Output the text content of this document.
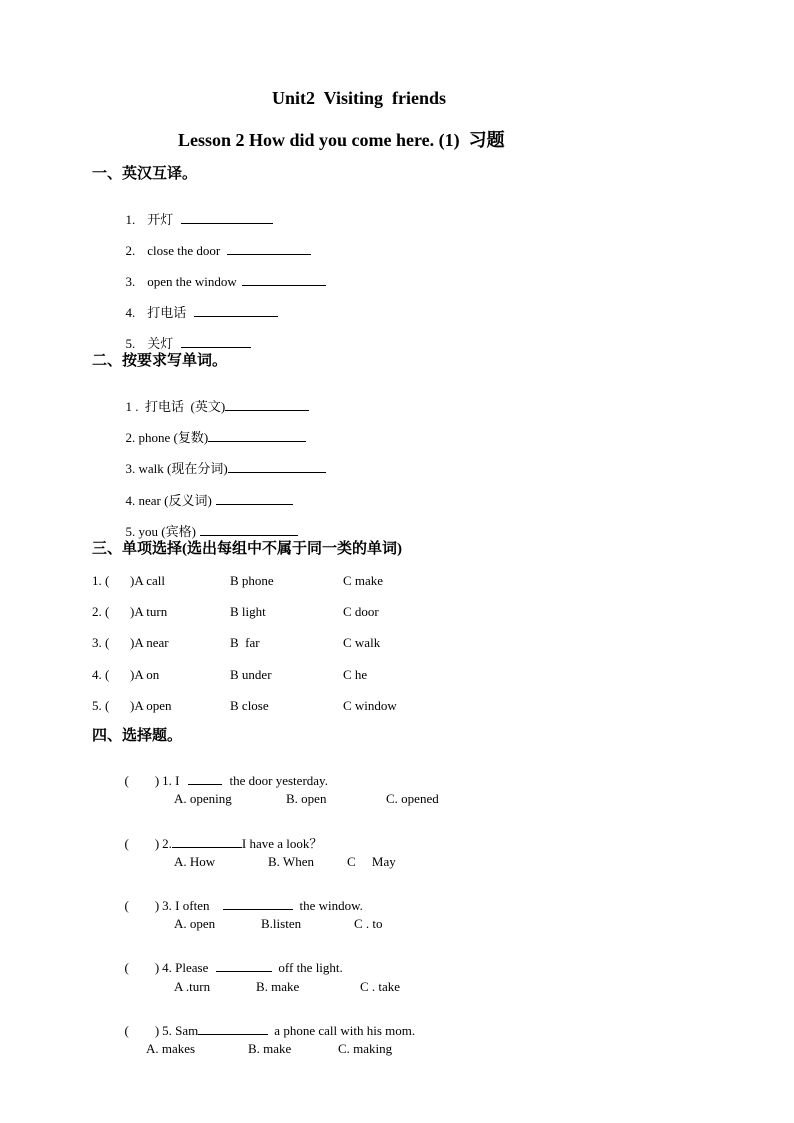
Unit2  Visiting  friends
Lesson 2 How did you come here. (1)  习题
一、英汉互译。

1. 开灯

2. close the door

3. open the window

4. 打电话

5. 关灯

二、按要求写单词。

1 .  打电话  (英文)

2. phone (复数)

3. walk (现在分词)

4. near (反义词)

5. you (宾格)

三、单项选择(选出每组中不属于同一类的单词)
1. ( )A call	B phone	C make
2. ( )A turn	B light	C door
3. ( )A near	B  far	C walk
4. ( )A on	B under	C he
5. ( )A open	B close	C window
四、选择题。

(        ) 1. I	the door yesterday.

A. opening	B. open	C. opened

(        ) 2.	I have a look？

A. How	B. When	C     May

(        ) 3. I often	the window.

A. open	B.listen	C . to

(        ) 4. Please	off the light.

A .turn	B. make	C . take

(        ) 5. Sam	a phone call with his mom.

A. makes	B. make	C. making
